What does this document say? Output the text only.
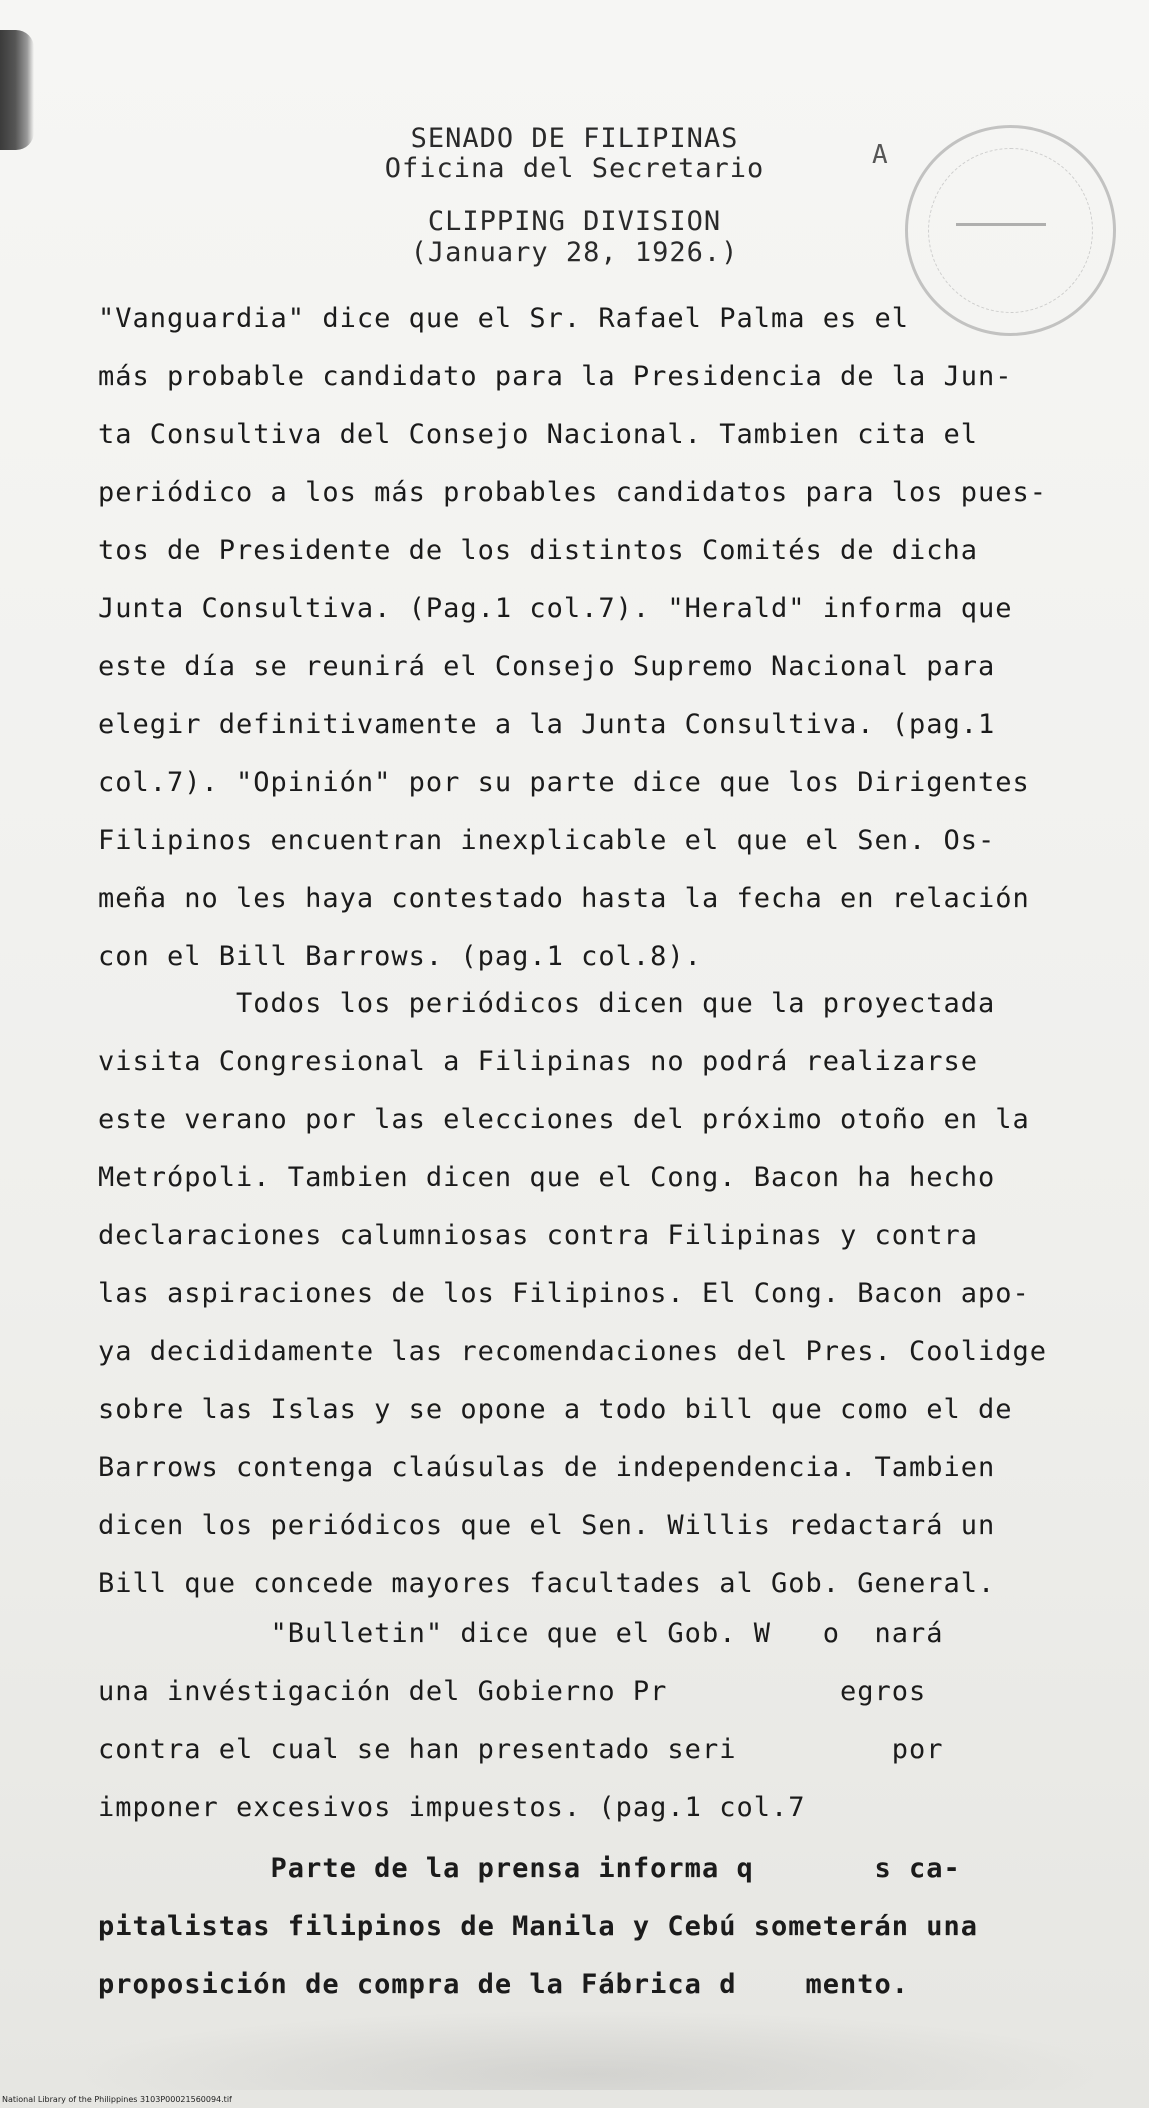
SENADO DE FILIPINAS
Oficina del Secretario
CLIPPING DIVISION
(January 28, 1926.)
A

"Vanguardia" dice que el Sr. Rafael Palma es el

más probable candidato para la Presidencia de la Jun-

ta Consultiva del Consejo Nacional. Tambien cita el

periódico a los más probables candidatos para los pues-

tos de Presidente de los distintos Comités de dicha

Junta Consultiva. (Pag.1 col.7). "Herald" informa que

este día se reunirá el Consejo Supremo Nacional para

elegir definitivamente a la Junta Consultiva. (pag.1

col.7). "Opinión" por su parte dice que los Dirigentes

Filipinos encuentran inexplicable el que el Sen. Os-

meña no les haya contestado hasta la fecha en relación

con el Bill Barrows. (pag.1 col.8).

Todos los periódicos dicen que la proyectada

visita Congresional a Filipinas no podrá realizarse

este verano por las elecciones del próximo otoño en la

Metrópoli. Tambien dicen que el Cong. Bacon ha hecho

declaraciones calumniosas contra Filipinas y contra

las aspiraciones de los Filipinos. El Cong. Bacon apo-

ya decididamente las recomendaciones del Pres. Coolidge

sobre las Islas y se opone a todo bill que como el de

Barrows contenga claúsulas de independencia. Tambien

dicen los periódicos que el Sen. Willis redactará un

Bill que concede mayores facultades al Gob. General.

"Bulletin" dice que el Gob. W   o  nará

una invéstigación del Gobierno Pr          egros

contra el cual se han presentado seri         por

imponer excesivos impuestos. (pag.1 col.7

Parte de la prensa informa q       s ca-

pitalistas filipinos de Manila y Cebú someterán una

proposición de compra de la Fábrica d    mento.

National Library of the Philippines 3103P00021560094.tif
